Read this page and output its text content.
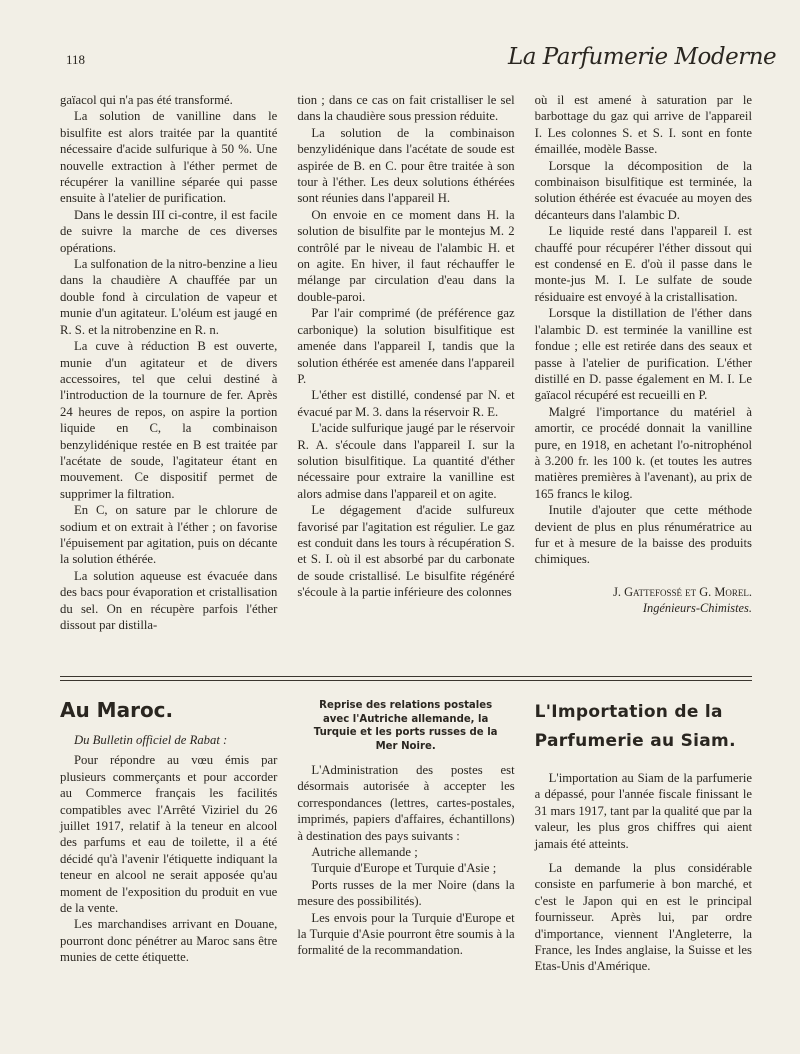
118	La Parfumerie Moderne

gaïacol qui n'a pas été transformé.

La solution de vanilline dans le bisulfite est alors traitée par la quantité nécessaire d'acide sulfurique à 50 %. Une nouvelle extraction à l'éther permet de récupérer la vanilline séparée qui passe ensuite à l'atelier de purification.

Dans le dessin III ci-contre, il est facile de suivre la marche de ces diverses opérations.

La sulfonation de la nitro-benzine a lieu dans la chaudière A chauffée par un double fond à circulation de vapeur et munie d'un agitateur. L'oléum est jaugé en R. S. et la nitrobenzine en R. n.

La cuve à réduction B est ouverte, munie d'un agitateur et de divers accessoires, tel que celui destiné à l'introduction de la tournure de fer. Après 24 heures de repos, on aspire la portion liquide en C, la combinaison benzylidénique restée en B est traitée par l'acétate de soude, l'agitateur étant en mouvement. Ce dispositif permet de supprimer la filtration.

En C, on sature par le chlorure de sodium et on extrait à l'éther ; on favorise l'épuisement par agitation, puis on décante la solution éthérée.

La solution aqueuse est évacuée dans des bacs pour évaporation et cristallisation du sel. On en récupère parfois l'éther dissout par distilla-

tion ; dans ce cas on fait cristalliser le sel dans la chaudière sous pression réduite.

La solution de la combinaison benzylidénique dans l'acétate de soude est aspirée de B. en C. pour être traitée à son tour à l'éther. Les deux solutions éthérées sont réunies dans l'appareil H.

On envoie en ce moment dans H. la solution de bisulfite par le montejus M. 2 contrôlé par le niveau de l'alambic H. et on agite. En hiver, il faut réchauffer le mélange par circulation d'eau dans la double-paroi.

Par l'air comprimé (de préférence gaz carbonique) la solution bisulfitique est amenée dans l'appareil I, tandis que la solution éthérée est amenée dans l'appareil P.

L'éther est distillé, condensé par N. et évacué par M. 3. dans la réservoir R. E.

L'acide sulfurique jaugé par le réservoir R. A. s'écoule dans l'appareil I. sur la solution bisulfitique. La quantité d'éther nécessaire pour extraire la vanilline est alors admise dans l'appareil et on agite.

Le dégagement d'acide sulfureux favorisé par l'agitation est régulier. Le gaz est conduit dans les tours à récupération S. et S. I. où il est absorbé par du carbonate de soude cristallisé. Le bisulfite régénéré s'écoule à la partie inférieure des colonnes

où il est amené à saturation par le barbottage du gaz qui arrive de l'appareil I. Les colonnes S. et S. I. sont en fonte émaillée, modèle Basse.

Lorsque la décomposition de la combinaison bisulfitique est terminée, la solution éthérée est évacuée au moyen des décanteurs dans l'alambic D.

Le liquide resté dans l'appareil I. est chauffé pour récupérer l'éther dissout qui est condensé en E. d'où il passe dans le monte-jus M. I. Le sulfate de soude résiduaire est envoyé à la cristallisation.

Lorsque la distillation de l'éther dans l'alambic D. est terminée la vanilline est fondue ; elle est retirée dans des seaux et passe à l'atelier de purification. L'éther distillé en D. passe également en M. I. Le gaïacol récupéré est recueilli en P.

Malgré l'importance du matériel à amortir, ce procédé donnait la vanilline pure, en 1918, en achetant l'o-nitrophénol à 3.200 fr. les 100 k. (et toutes les autres matières premières à l'avenant), au prix de 165 francs le kilog.

Inutile d'ajouter que cette méthode devient de plus en plus rénumératrice au fur et à mesure de la baisse des produits chimiques.

J. Gattefossé et G. Morel.
Ingénieurs-Chimistes.
Au Maroc.

Du Bulletin officiel de Rabat :

Pour répondre au vœu émis par plusieurs commerçants et pour accorder au Commerce français les facilités compatibles avec l'Arrêté Viziriel du 26 juillet 1917, relatif à la teneur en alcool des parfums et eau de toilette, il a été décidé qu'à l'avenir l'étiquette indiquant la teneur en alcool ne serait apposée qu'au moment de l'exposition du produit en vue de la vente.

Les marchandises arrivant en Douane, pourront donc pénétrer au Maroc sans être munies de cette étiquette.

Reprise des relations postales avec l'Autriche allemande, la Turquie et les ports russes de la Mer Noire.

L'Administration des postes est désormais autorisée à accepter les correspondances (lettres, cartes-postales, imprimés, papiers d'affaires, échantillons) à destination des pays suivants :

Autriche allemande ;

Turquie d'Europe et Turquie d'Asie ;

Ports russes de la mer Noire (dans la mesure des possibilités).

Les envois pour la Turquie d'Europe et la Turquie d'Asie pourront être soumis à la formalité de la recommandation.

L'Importation de la Parfumerie au Siam.

L'importation au Siam de la parfumerie a dépassé, pour l'année fiscale finissant le 31 mars 1917, tant par la qualité que par la valeur, les plus gros chiffres qui aient jamais été atteints.

La demande la plus considérable consiste en parfumerie à bon marché, et c'est le Japon qui en est le principal fournisseur. Après lui, par ordre d'importance, viennent l'Angleterre, la France, les Indes anglaise, la Suisse et les Etas-Unis d'Amérique.
